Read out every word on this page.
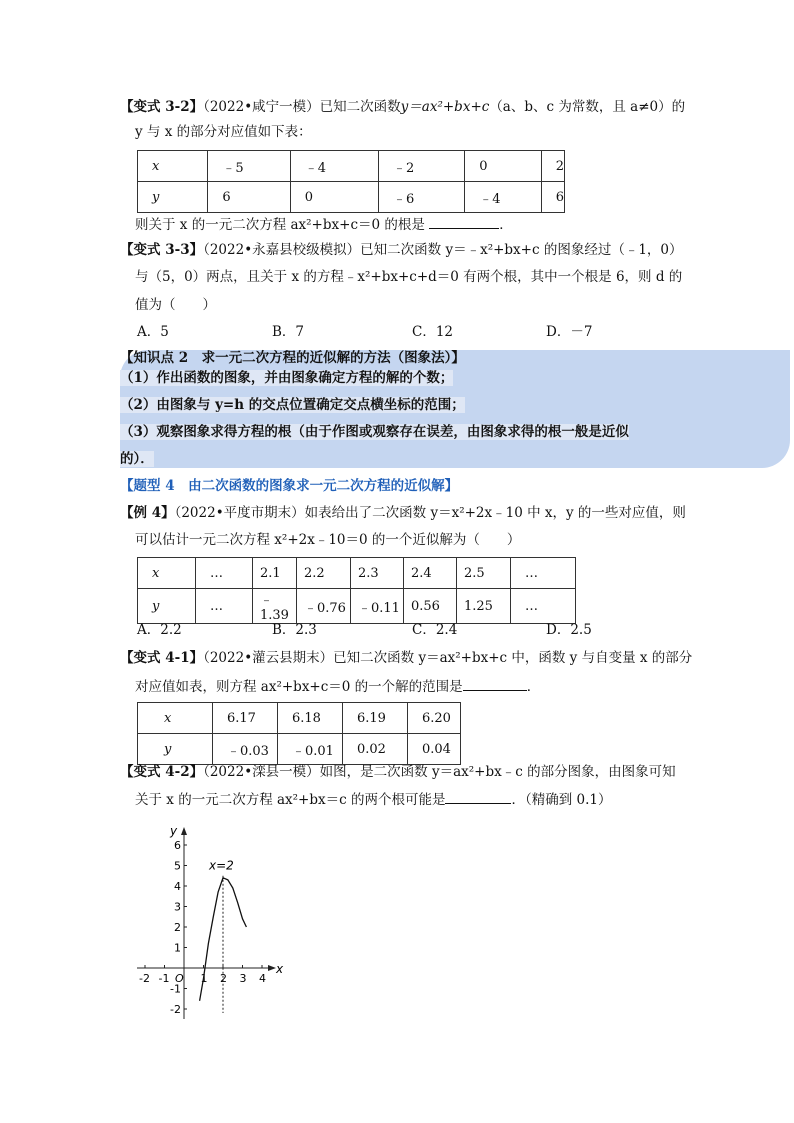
【变式 3-2】（2022•咸宁一模）已知二次函数y＝ax²+bx+c（a、b、c 为常数，且 a≠0）的
y 与 x 的部分对应值如下表：
x	﹣5	﹣4	﹣2	0	2
y	6	0	﹣6	﹣4	6
则关于 x 的一元二次方程 ax²+bx+c＝0 的根是	．
【变式 3-3】（2022•永嘉县校级模拟）已知二次函数 y＝﹣x²+bx+c 的图象经过（﹣1，0）
与（5，0）两点，且关于 x 的方程﹣x²+bx+c+d＝0 有两个根，其中一个根是 6，则 d 的
值为（　　）
A．5	B．7	C．12	D．－7
【知识点 2　求一元二次方程的近似解的方法（图象法）】
（1）作出函数的图象，并由图象确定方程的解的个数；
（2）由图象与 y=h 的交点位置确定交点横坐标的范围；
（3）观察图象求得方程的根（由于作图或观察存在误差，由图象求得的根一般是近似
的）．
【题型 4　由二次函数的图象求一元二次方程的近似解】
【例 4】（2022•平度市期末）如表给出了二次函数 y＝x²+2x﹣10 中 x，y 的一些对应值，则
可以估计一元二次方程 x²+2x﹣10＝0 的一个近似解为（　　）
x	…	2.1	2.2	2.3	2.4	2.5	…
y	…	﹣1.39	﹣0.76	﹣0.11	0.56	1.25	…
A．2.2	B．2.3	C．2.4	D．2.5
【变式 4-1】（2022•灌云县期末）已知二次函数 y＝ax²+bx+c 中，函数 y 与自变量 x 的部分
对应值如表，则方程 ax²+bx+c＝0 的一个解的范围是	．
x	6.17	6.18	6.19	6.20
y	﹣0.03	﹣0.01	0.02	0.04
【变式 4-2】（2022•滦县一模）如图，是二次函数 y＝ax²+bx﹣c 的部分图象，由图象可知
关于 x 的一元二次方程 ax²+bx＝c 的两个根可能是	．（精确到 0.1）
x
y
-2 -1 O 1 2 3 4
6
5
4
3
2
1
-1
-2
x=2
